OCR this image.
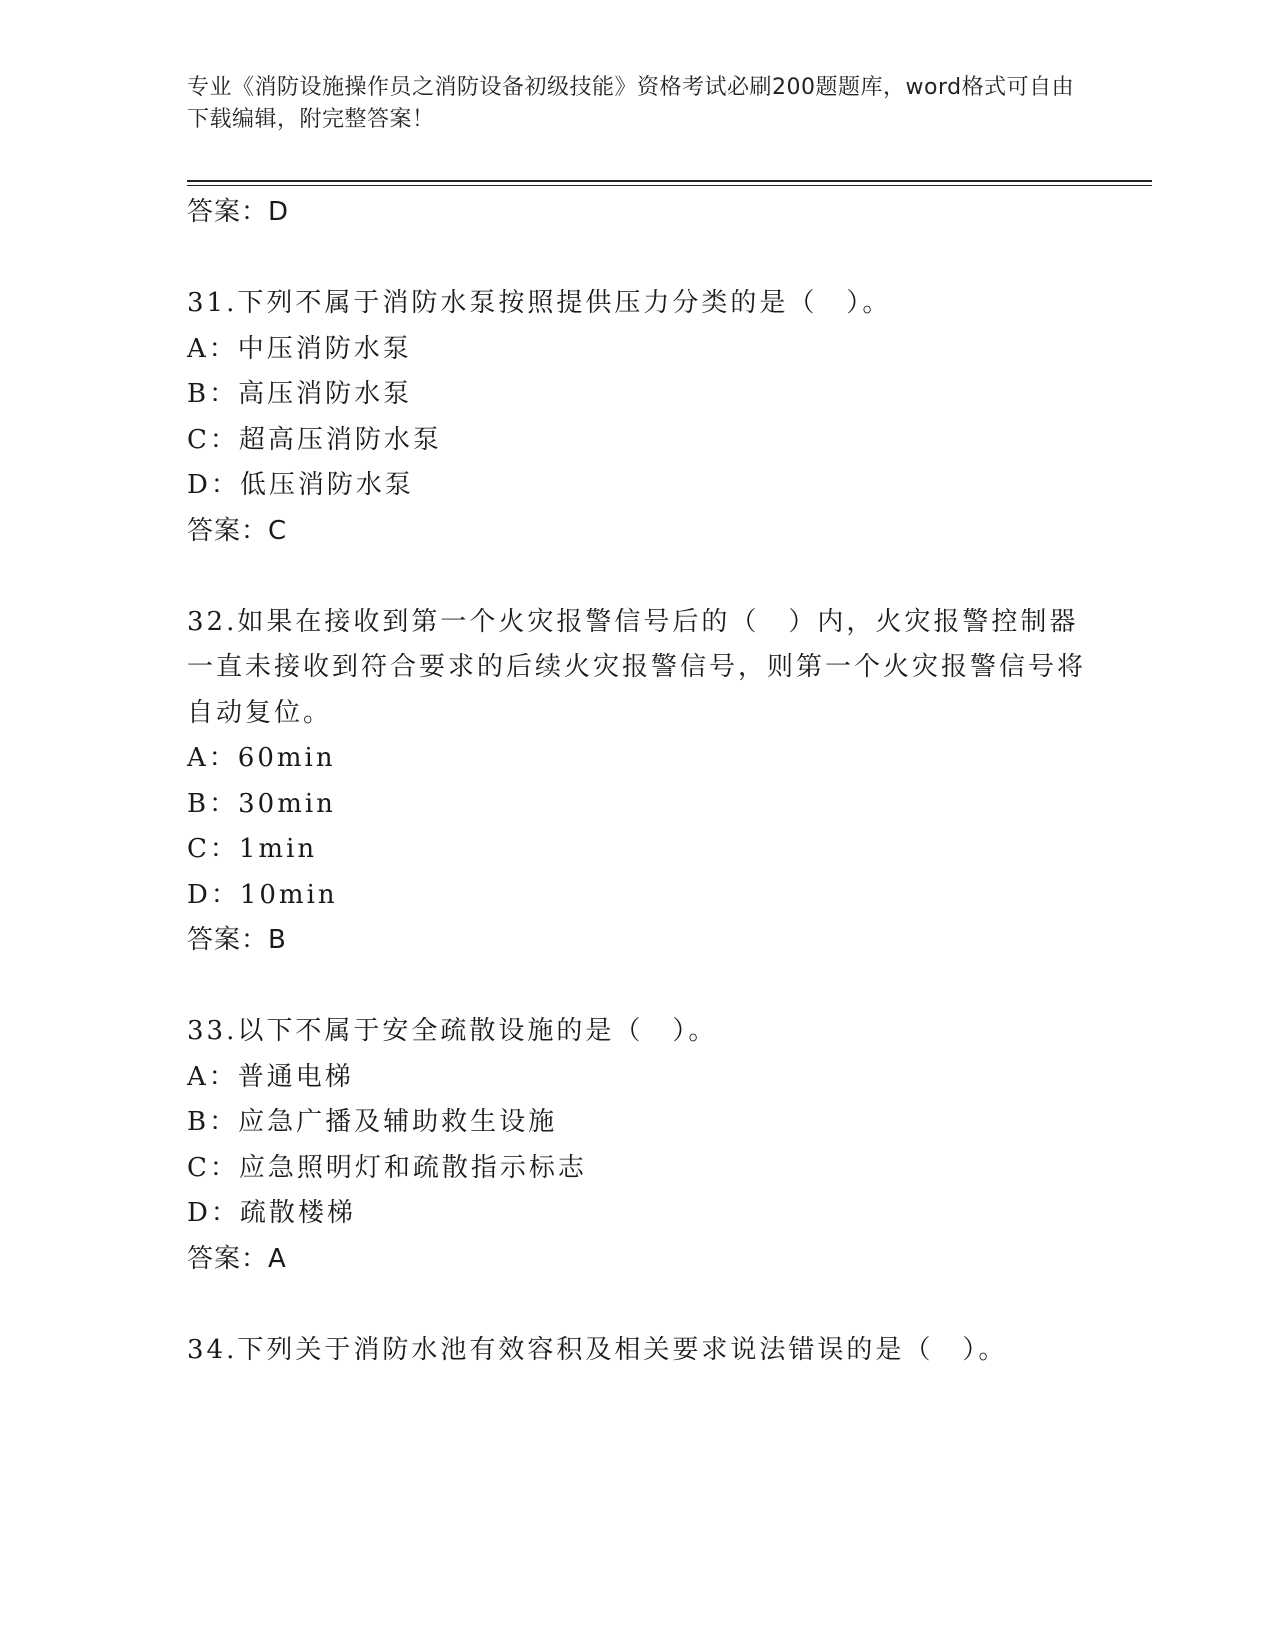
专业《消防设施操作员之消防设备初级技能》资格考试必刷200题题库，word格式可自由下载编辑，附完整答案！
答案：D
31.下列不属于消防水泵按照提供压力分类的是（　）。
A：中压消防水泵
B：高压消防水泵
C：超高压消防水泵
D：低压消防水泵
答案：C
32.如果在接收到第一个火灾报警信号后的（　）内，火灾报警控制器一直未接收到符合要求的后续火灾报警信号，则第一个火灾报警信号将自动复位。
A：60min
B：30min
C：1min
D：10min
答案：B
33.以下不属于安全疏散设施的是（　）。
A：普通电梯
B：应急广播及辅助救生设施
C：应急照明灯和疏散指示标志
D：疏散楼梯
答案：A
34.下列关于消防水池有效容积及相关要求说法错误的是（　）。
